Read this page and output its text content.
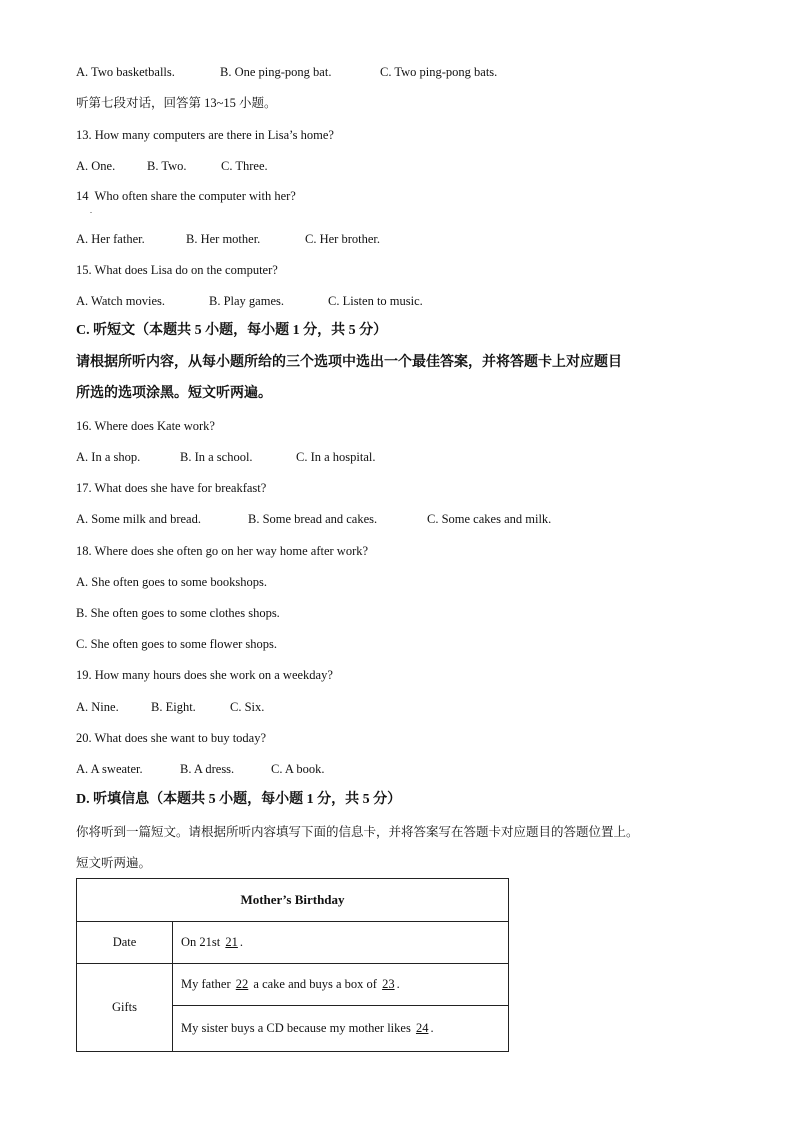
A. Two basketballs.	B. One ping-pong bat.	C. Two ping-pong bats.
听第七段对话，回答第 13~15 小题。
13. How many computers are there in Lisa’s home?
A. One.	B. Two.	C. Three.
14  Who often share the computer with her?
.
A. Her father.	B. Her mother.	C. Her brother.
15. What does Lisa do on the computer?
A. Watch movies.	B. Play games.	C. Listen to music.
C. 听短文（本题共 5 小题，每小题 1 分，共 5 分）
请根据所听内容，从每小题所给的三个选项中选出一个最佳答案，并将答题卡上对应题目
所选的选项涂黑。短文听两遍。
16. Where does Kate work?
A. In a shop.	B. In a school.	C. In a hospital.
17. What does she have for breakfast?
A. Some milk and bread.	B. Some bread and cakes.	C. Some cakes and milk.
18. Where does she often go on her way home after work?
A. She often goes to some bookshops.
B. She often goes to some clothes shops.
C. She often goes to some flower shops.
19. How many hours does she work on a weekday?
A. Nine.	B. Eight.	C. Six.
20. What does she want to buy today?
A. A sweater.	B. A dress.	C. A book.
D. 听填信息（本题共 5 小题，每小题 1 分，共 5 分）
你将听到一篇短文。请根据所听内容填写下面的信息卡，并将答案写在答题卡对应题目的答题位置上。
短文听两遍。
Mother’s Birthday	
Date	On 21st 21.
Gifts	My father 22 a cake and buys a box of 23.
	My sister buys a CD because my mother likes 24.
